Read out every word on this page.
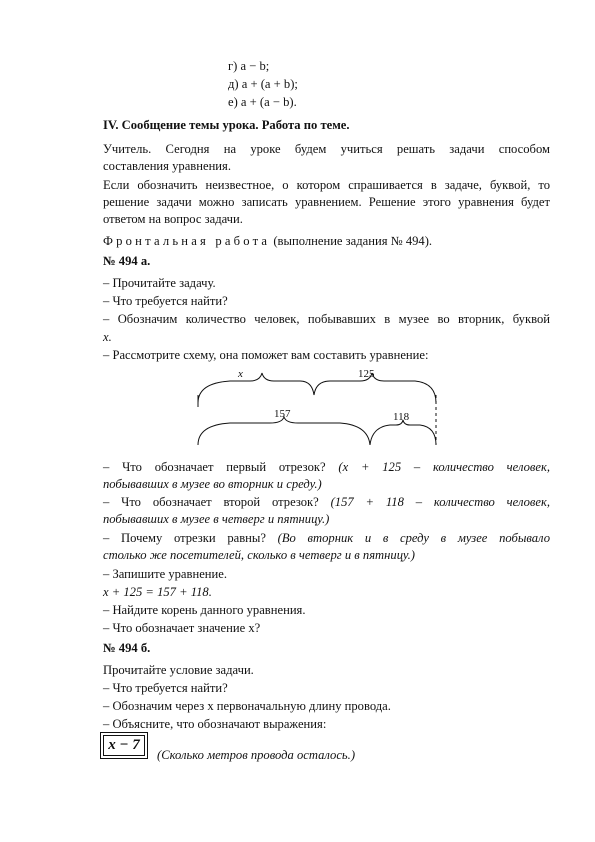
г) a − b;
д) a + (a + b);
е) a + (a − b).
IV. Сообщение темы урока. Работа по теме.
Учитель. Сегодня на уроке будем учиться решать задачи способом
составления уравнения.
Если обозначить неизвестное, о котором спрашивается в задаче, буквой, то
решение задачи можно записать уравнением. Решение этого уравнения будет
ответом на вопрос задачи.
Фронтальная работа (выполнение задания № 494).
№ 494 а.
– Прочитайте задачу.
– Что требуется найти?
– Обозначим количество человек, побывавших в музее во вторник, буквой
x.
– Рассмотрите схему, она поможет вам составить уравнение:
x	125
157	118
– Что обозначает первый отрезок? (x + 125 – количество человек,
побывавших в музее во вторник и среду.)
– Что обозначает второй отрезок? (157 + 118 – количество человек,
побывавших в музее в четверг и пятницу.)
– Почему отрезки равны? (Во вторник и в среду в музее побывало
столько же посетителей, сколько в четверг и в пятницу.)
– Запишите уравнение.
x + 125 = 157 + 118.
– Найдите корень данного уравнения.
– Что обозначает значение x?
№ 494 б.
Прочитайте условие задачи.
– Что требуется найти?
– Обозначим через x первоначальную длину провода.
– Объясните, что обозначают выражения:
x − 7
(Сколько метров провода осталось.)
